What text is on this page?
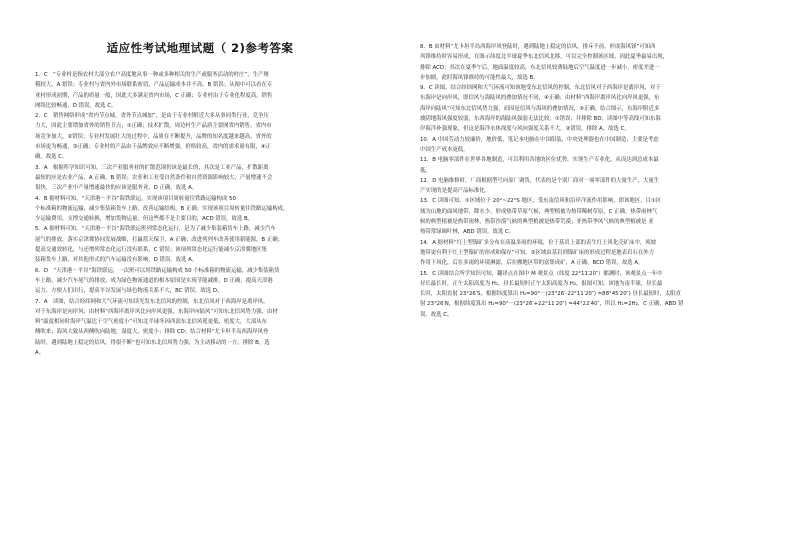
适应性考试地理试题（ 2)参考答案
1．C　“专业村是指农村大部分农户高度地从事一种或多种相关的生产或服务活动的村庄”，生产规
模较大，A 错误；专业村与省内外市场联系密切，产品运输成本并不高，B 错误；从图中可以看在专
业村形成初期，产品的质量一般，因此大多满足省内市场，C 正确；专业村由于专业化程度高，销售
网络比较畅通，D 错误。故选 C。
2．C　销售网络形成“省内节点城，省外节点城加”，是由于专业村附近大多从事同类行业，竞争压
力大，因此主要増加省外的销售节点；①正确；技术扩散，周边村生产品质主要网省内销售，省内市
场竞争加大，②错误；专业村发展壮大的过程中，品质在不断提升，品牌的知名度越来越高，省外的
市场更为畅通，③正确；专业村的产品由于品牌效应不断增强，价格较高，省内的需求量有限，④正
确。故选 C。
3．A　根据所学知识可知，三次产业服务业的扩散范围仍该是最长的，其次是工业产品，扩散距离
最短的应是农业产品，A 正确，B 错误；农业和工业受自然条件和自然资源影响较大，产量增速不会
很快，三次产业中产量增速最快的应该是服务业，D 正确。故选 A。
4．B 据材料可知，“天津港－平谷”海铁联运，实现该项目周转量往铁路运输构成 50
个标准箱的物流运输，减少集装箱货车上路，改善运输结构，B 正确；实现该项目周转量往铁路运输构成，
少运输费用，支撑交通转换，增加货物运量，但这些都不是主要目的，ACD 错误。故选 B。
5．A 据材料可知，“天津港－平谷”海铁联运班列常态化运行，是为了减少集装箱货车上路，减少汽车
尾气的排放，落实京津冀协同发展战略，打赢蓝天保卫，A 正确；改进列列车改善使用新能源，B 正确；
提高交通效转化，与还增列常态化运行没有联系，C 错误；该项列常态化运行能减少京津冀地区集
装箱货车上路，对其他形式的汽车运输没有影响，D 错误。故选 A。
6．D　“天津港－平谷”海铁联运，一次班可以用铁路运输构成 50 个标准箱的物流运输，减少集装箱货
车上路，减少汽车尾气的排放，成为绿色物流通道的根本原因是实现节能减排，D 正确。提高天津港
运力、方便人们出行、提高平谷发展与绿色物流关系不大，BC 错误。故选 D。
7．A　读图，结合经纬网和大气环流可知读光发东北信风的控制，东北信风对于西海岸是离岸风，
对于东海岸是向岸风；由材料“西海岸离岸风比向岸风更强，东海岸向陆风”可知东北信风势力强，由材
料“温度相同时海岸气温比干空气密度小”可知北半球冬因西部东北信风冕更低，密度大，大部从东
侧吹来；海风大致从西侧吹向陆地，湿度大，密度小；排除 CD；结合材料“尤卡坦半岛西海岸风登
陆时，遇到陆地上稳定的信风，得很不断”也可知东北信风势力强，为主动移动的一方，排除 B，选
A。
8．B 由材料“尤卡坦半岛西海岸风登陆时，遇到陆地上稳定的信风，排斥不前，形成海风锋”可知西
风锋维持时容易形成，在图示纬度北半球夏季东北信风北移，可以完全控制该区域，因此夏季最易出现，
排除 ACD；其次在夏季午后，地面温度较高，东北信风较薄陆地后空气温度进一步减小，密度差进一
步加剧，此时海风锋维持的可能性最大，故选 B。
9．C 读图，结合经纬网和大气环流可知该地受东北信风的控制，东北信风对于西海岸是离岸风，对于
东海岸是向岸风，即信风与海陆风的叠加情况不同，④正确；由材料“西海岸离岸风比向岸风更强，东
海岸向陆风”可知东北信风势力强，而因是信风与海风的叠加情况，⑤正确。结合图示，东海岸附近多
坡阴地海风强度较弱，东西海岸的海陆风强弱无法比较，①错误；并排除 BD；读图中等高线可知东海
岸海洋补强现象，但这是海洋水体深度与风向强度关系不大，②错误，排除 A。故选 C。
10．A 中国劳动力较廉价，地价低，笔记本电脑在中国组装，中央处理器也在中国制造，主要是考虑
中国生产成本更低。
11．B 电脑零部件在世界各地制造，可以利用各地的区位优势，实现生产专业化，从而达到总成本最
低。
12．D 电脑维修时，厂商根据型号向原厂调货，代表的是个别厂商对一项零部件的大量生产，大量生
产实现的是提高产品标准化。
13．C 读图可知，①区域位于 20°~22°S 地区，受东南信风和沿岸洋流作用影响，即该地区，目①区
域为山地的面风地带，降水少，形成热带草原气候，典型植被为热带稀树草原，C 正确。热带雨林气
候的典型植被是热带雨林，热带沙漠气候的典型植被是热带荒漠；亚热带季风气候的典型植被是 亚
热带常绿阔叶林，ABD 错误。故选 C。
14．A 据材料“红土型镍矿多分布在高温多雨的环境，位于基岩上部的表生红土风化壳矿床中，须坡
地带更有利于红土型镍矿的形成和保存”可知，②区域由基岩到镍矿床的形成过程是地表岩石在外力
作用下风化，后在多雨的环境淋滤，后在搬地区带的富集成矿，A 正确，BCD 错误。故选 A。
15．C 读图结合所学知识可知，翻译点在图中 M 观景点（纬度 22°11′20″）都测时，该观景点一年中
昼长最长时，正午太阳高度为 H₁，昼长最短时正午太阳高度为 H₂，报图可知，该地为南半球，昼长最
长时，太阳直射 23°26′S，根据纬度算出 H₁=90°－(23°26′-22°11′20″) =88°45′20″) 昼长最短时，太阳直
射 23°26′N，根据纬度算出 H₂=90°－(23°26′+22°11′20″) =44°22′40″，所以 H₁=2H₂，C 正确，ABD 错
误。故选 C。
